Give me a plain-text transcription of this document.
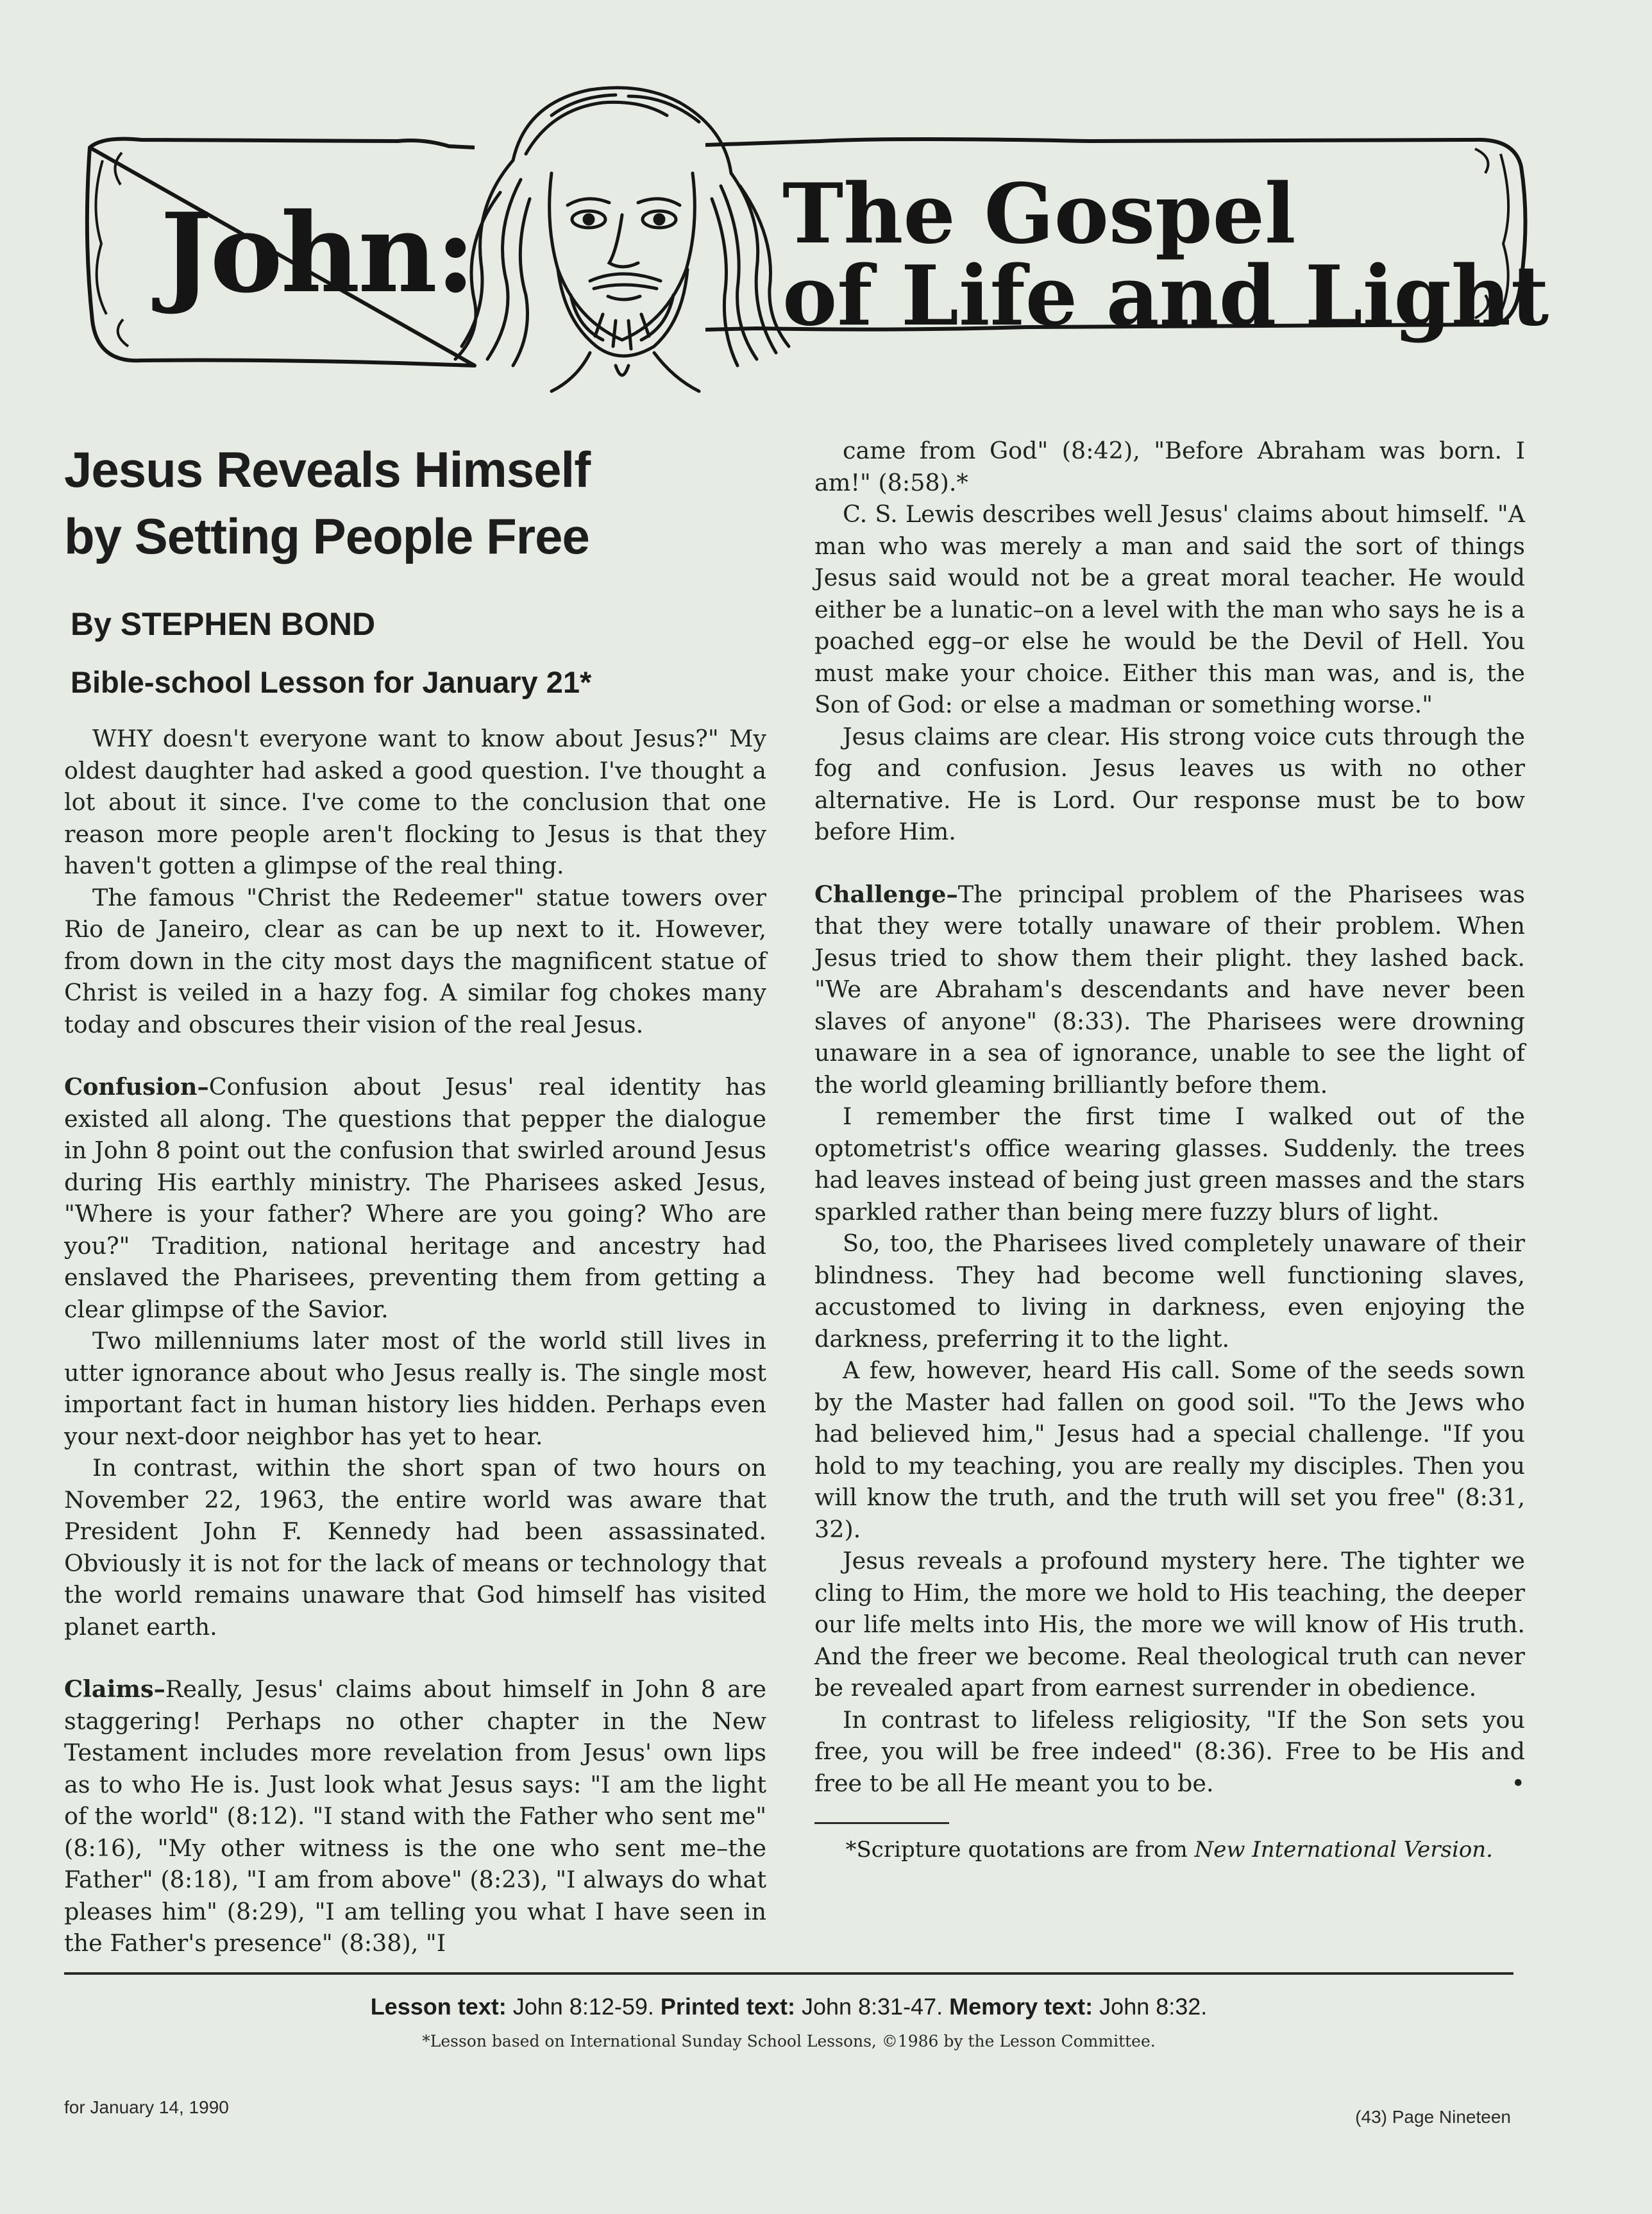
John:	The Gospel
of Life and Light
Jesus Reveals Himself
by Setting People Free
By STEPHEN BOND
Bible-school Lesson for January 21*

WHY doesn't everyone want to know about Jesus?" My oldest daughter had asked a good question. I've thought a lot about it since. I've come to the conclusion that one reason more people aren't flocking to Jesus is that they haven't gotten a glimpse of the real thing.

The famous "Christ the Redeemer" statue towers over Rio de Janeiro, clear as can be up next to it. However, from down in the city most days the magnificent statue of Christ is veiled in a hazy fog. A similar fog chokes many today and obscures their vision of the real Jesus.

Confusion–Confusion about Jesus' real identity has existed all along. The questions that pepper the dialogue in John 8 point out the confusion that swirled around Jesus during His earthly ministry. The Pharisees asked Jesus, "Where is your father? Where are you going? Who are you?" Tradition, national heritage and ancestry had enslaved the Pharisees, preventing them from getting a clear glimpse of the Savior.

Two millenniums later most of the world still lives in utter ignorance about who Jesus really is. The single most important fact in human history lies hidden. Perhaps even your next-door neighbor has yet to hear.

In contrast, within the short span of two hours on November 22, 1963, the entire world was aware that President John F. Kennedy had been assassinated. Obviously it is not for the lack of means or technology that the world remains unaware that God himself has visited planet earth.

Claims–Really, Jesus' claims about himself in John 8 are staggering! Perhaps no other chapter in the New Testament includes more revelation from Jesus' own lips as to who He is. Just look what Jesus says: "I am the light of the world" (8:12). "I stand with the Father who sent me" (8:16), "My other witness is the one who sent me–the Father" (8:18), "I am from above" (8:23), "I always do what pleases him" (8:29), "I am telling you what I have seen in the Father's presence" (8:38), "I

came from God" (8:42), "Before Abraham was born. I am!" (8:58).*

C. S. Lewis describes well Jesus' claims about himself. "A man who was merely a man and said the sort of things Jesus said would not be a great moral teacher. He would either be a lunatic–on a level with the man who says he is a poached egg–or else he would be the Devil of Hell. You must make your choice. Either this man was, and is, the Son of God: or else a madman or something worse."

Jesus claims are clear. His strong voice cuts through the fog and confusion. Jesus leaves us with no other alternative. He is Lord. Our response must be to bow before Him.

Challenge–The principal problem of the Pharisees was that they were totally unaware of their problem. When Jesus tried to show them their plight. they lashed back. "We are Abraham's descendants and have never been slaves of anyone" (8:33). The Pharisees were drowning unaware in a sea of ignorance, unable to see the light of the world gleaming brilliantly before them.

I remember the first time I walked out of the optometrist's office wearing glasses. Suddenly. the trees had leaves instead of being just green masses and the stars sparkled rather than being mere fuzzy blurs of light.

So, too, the Pharisees lived completely unaware of their blindness. They had become well functioning slaves, accustomed to living in darkness, even enjoying the darkness, preferring it to the light.

A few, however, heard His call. Some of the seeds sown by the Master had fallen on good soil. "To the Jews who had believed him," Jesus had a special challenge. "If you hold to my teaching, you are really my disciples. Then you will know the truth, and the truth will set you free" (8:31, 32).

Jesus reveals a profound mystery here. The tighter we cling to Him, the more we hold to His teaching, the deeper our life melts into His, the more we will know of His truth. And the freer we become. Real theological truth can never be revealed apart from earnest surrender in obedience.

In contrast to lifeless religiosity, "If the Son sets you free, you will be free indeed" (8:36). Free to be His and free to be all He meant you to be.	•

*Scripture quotations are from New International Version.
Lesson text: John 8:12-59. Printed text: John 8:31-47. Memory text: John 8:32.
*Lesson based on International Sunday School Lessons, ©1986 by the Lesson Committee.
for January 14, 1990	(43) Page Nineteen
